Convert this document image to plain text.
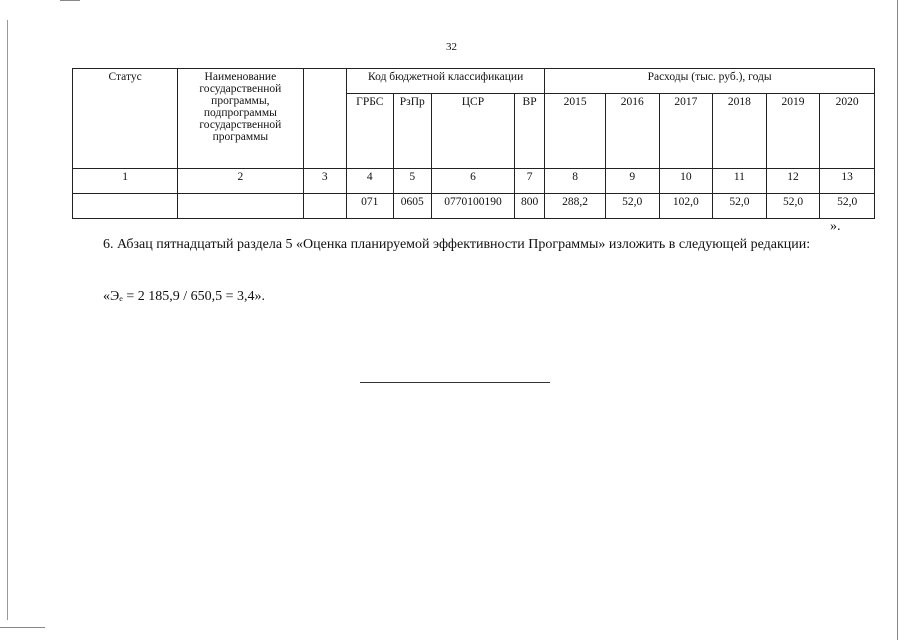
32
Статус	Наименование государственной программы, подпрограммы государственной программы		Код бюджетной классификации				Расходы (тыс. руб.), годы					
			ГРБС	РзПр	ЦСР	ВР	2015	2016	2017	2018	2019	2020
1	2	3	4	5	6	7	8	9	10	11	12	13
			071	0605	0770100190	800	288,2	52,0	102,0	52,0	52,0	52,0
».
6. Абзац пятнадцатый раздела 5 «Оценка планируемой эффективности Программы» изложить в следующей редакции:
«Эₑ = 2 185,9 / 650,5 = 3,4».
